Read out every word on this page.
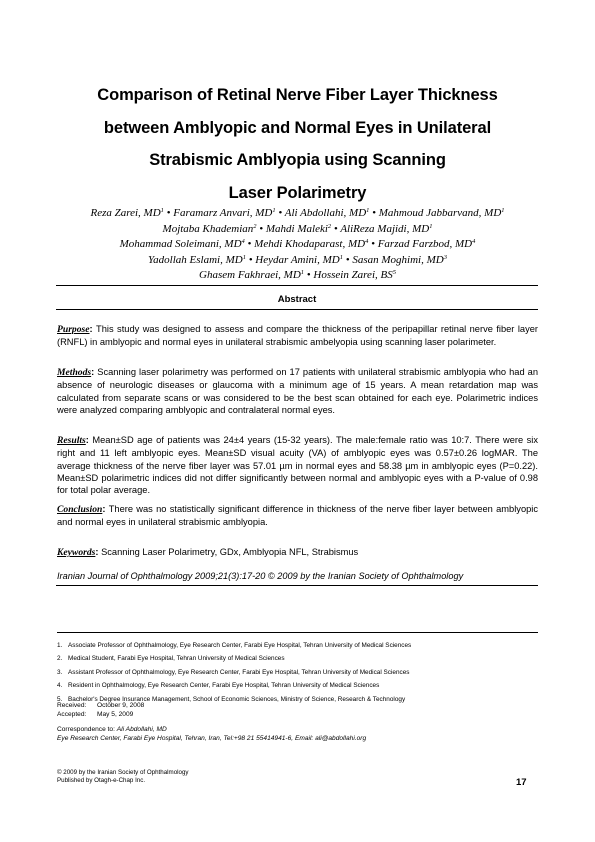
Comparison of Retinal Nerve Fiber Layer Thickness
between Amblyopic and Normal Eyes in Unilateral
Strabismic Amblyopia using Scanning
Laser Polarimetry
Reza Zarei, $MD^1$ • Faramarz Anvari, $MD^1$ • Ali Abdollahi, $MD^1$ • Mahmoud Jabbarvand, $MD^1$
Mojtaba Khademian$^2$ • Mahdi Maleki$^2$ • AliReza Majidi, $MD^1$
Mohammad Soleimani, $MD^4$ • Mehdi Khodaparast, $MD^4$ • Farzad Farzbod, $MD^4$
Yadollah Eslami, $MD^1$ • Heydar Amini, $MD^1$ • Sasan Moghimi, $MD^3$
Ghasem Fakhraei, $MD^1$ • Hossein Zarei, $BS^5$
Abstract
Purpose: This study was designed to assess and compare the thickness of the peripapillar retinal nerve fiber layer (RNFL) in amblyopic and normal eyes in unilateral strabismic ambelyopia using scanning laser polarimeter.
Methods: Scanning laser polarimetry was performed on 17 patients with unilateral strabismic amblyopia who had an absence of neurologic diseases or glaucoma with a minimum age of 15 years. A mean retardation map was calculated from separate scans or was considered to be the best scan obtained for each eye. Polarimetric indices were analyzed comparing amblyopic and contralateral normal eyes.
Results: Mean±SD age of patients was 24±4 years (15-32 years). The male:female ratio was 10:7. There were six right and 11 left amblyopic eyes. Mean±SD visual acuity (VA) of amblyopic eyes was 0.57±0.26 logMAR. The average thickness of the nerve fiber layer was 57.01 µm in normal eyes and 58.38 µm in amblyopic eyes (P=0.22). Mean±SD polarimetric indices did not differ significantly between normal and amblyopic eyes with a P-value of 0.98 for total polar average.
Conclusion: There was no statistically significant difference in thickness of the nerve fiber layer between amblyopic and normal eyes in unilateral strabismic amblyopia.
Keywords: Scanning Laser Polarimetry, GDx, Amblyopia NFL, Strabismus
Iranian Journal of Ophthalmology 2009;21(3):17-20 © 2009 by the Iranian Society of Ophthalmology
1. Associate Professor of Ophthalmology, Eye Research Center, Farabi Eye Hospital, Tehran University of Medical Sciences
2. Medical Student, Farabi Eye Hospital, Tehran University of Medical Sciences
3. Assistant Professor of Ophthalmology, Eye Research Center, Farabi Eye Hospital, Tehran University of Medical Sciences
4. Resident in Ophthalmology, Eye Research Center, Farabi Eye Hospital, Tehran University of Medical Sciences
5. Bachelor's Degree Insurance Management, School of Economic Sciences, Ministry of Science, Research & Technology
Received: October 9, 2008
Accepted: May 5, 2009
Correspondence to: Ali Abdollahi, MD
Eye Research Center, Farabi Eye Hospital, Tehran, Iran, Tel:+98 21 55414941-6, Email: ali@abdollahi.org
© 2009 by the Iranian Society of Ophthalmology
Published by Otagh-e-Chap Inc.	17
